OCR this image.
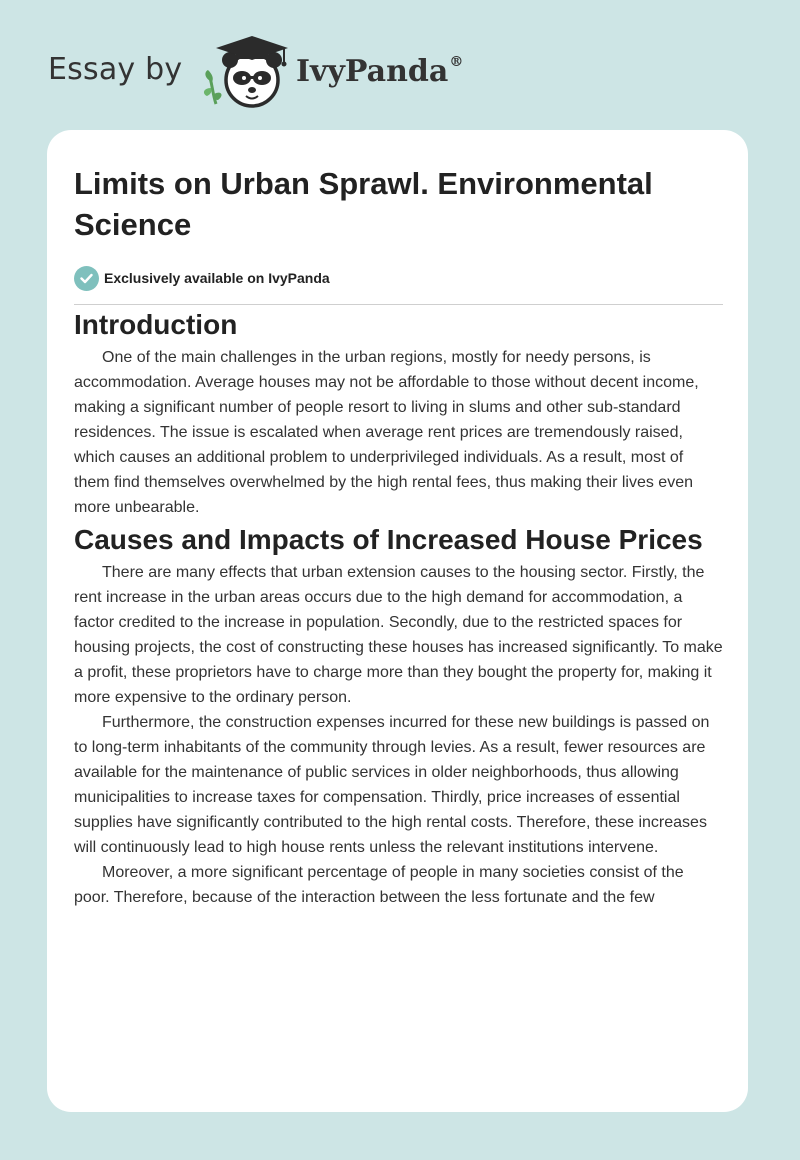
Essay by	IvyPanda®
Limits on Urban Sprawl. Environmental Science
Exclusively available on IvyPanda
Introduction

One of the main challenges in the urban regions, mostly for needy persons, is accommodation. Average houses may not be affordable to those without decent income, making a significant number of people resort to living in slums and other sub-standard residences. The issue is escalated when average rent prices are tremendously raised, which causes an additional problem to underprivileged individuals. As a result, most of them find themselves overwhelmed by the high rental fees, thus making their lives even more unbearable.

Causes and Impacts of Increased House Prices

There are many effects that urban extension causes to the housing sector. Firstly, the rent increase in the urban areas occurs due to the high demand for accommodation, a factor credited to the increase in population. Secondly, due to the restricted spaces for housing projects, the cost of constructing these houses has increased significantly. To make a profit, these proprietors have to charge more than they bought the property for, making it more expensive to the ordinary person.

Furthermore, the construction expenses incurred for these new buildings is passed on to long-term inhabitants of the community through levies. As a result, fewer resources are available for the maintenance of public services in older neighborhoods, thus allowing municipalities to increase taxes for compensation. Thirdly, price increases of essential supplies have significantly contributed to the high rental costs. Therefore, these increases will continuously lead to high house rents unless the relevant institutions intervene.

Moreover, a more significant percentage of people in many societies consist of the poor. Therefore, because of the interaction between the less fortunate and the few
